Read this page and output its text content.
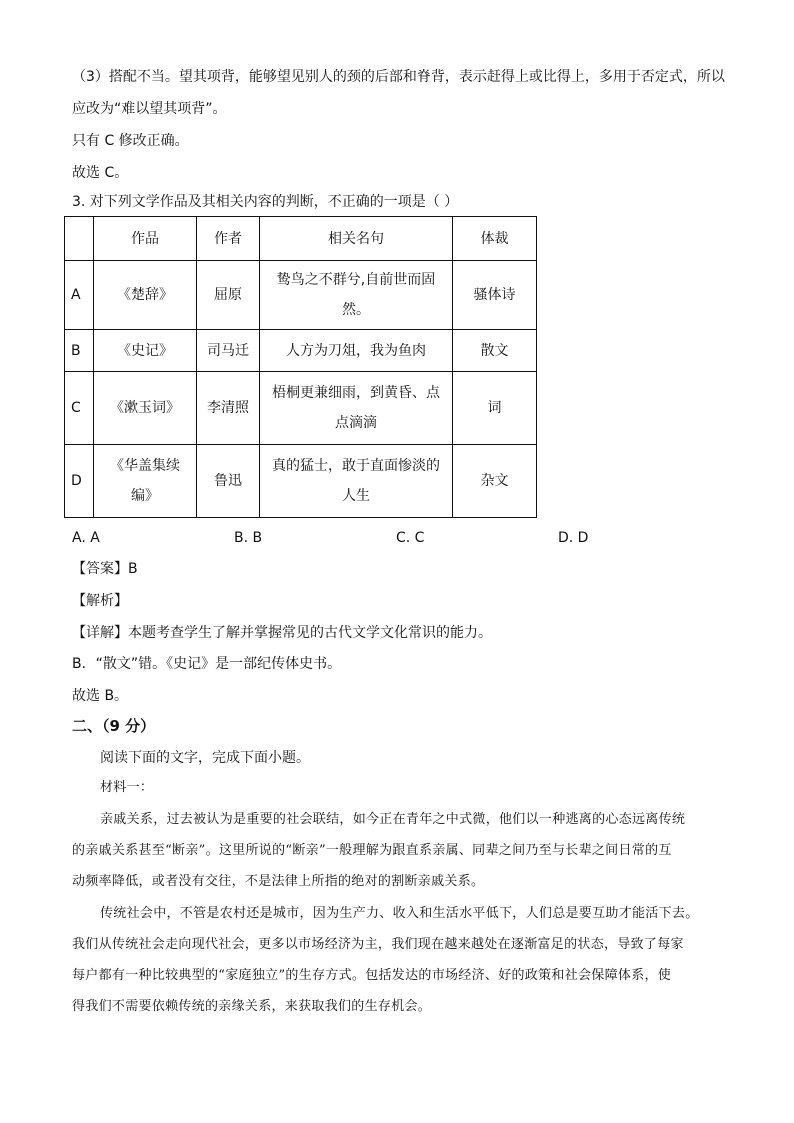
（3）搭配不当。望其项背，能够望见别人的颈的后部和脊背，表示赶得上或比得上，多用于否定式，所以
应改为“难以望其项背”。
只有 C 修改正确。
故选 C。
3. 对下列文学作品及其相关内容的判断，不正确的一项是（ ）
	作品	作者	相关名句	体裁
A	《楚辞》	屈原	鸷鸟之不群兮,自前世而固然。	骚体诗
B	《史记》	司马迁	人方为刀俎，我为鱼肉	散文
C	《漱玉词》	李清照	梧桐更兼细雨，到黄昏、点点滴滴	词
D	《华盖集续编》	鲁迅	真的猛士，敢于直面惨淡的人生	杂文
A. A	B. B	C. C	D. D
【答案】B
【解析】
【详解】本题考查学生了解并掌握常见的古代文学文化常识的能力。
B．“散文”错。《史记》是一部纪传体史书。
故选 B。
二、（9 分）
阅读下面的文字，完成下面小题。
材料一：
亲戚关系，过去被认为是重要的社会联结，如今正在青年之中式微，他们以一种逃离的心态远离传统
的亲戚关系甚至“断亲”。这里所说的“断亲”一般理解为跟直系亲属、同辈之间乃至与长辈之间日常的互
动频率降低，或者没有交往，不是法律上所指的绝对的割断亲戚关系。
传统社会中，不管是农村还是城市，因为生产力、收入和生活水平低下，人们总是要互助才能活下去。
我们从传统社会走向现代社会，更多以市场经济为主，我们现在越来越处在逐渐富足的状态，导致了每家
每户都有一种比较典型的“家庭独立”的生存方式。包括发达的市场经济、好的政策和社会保障体系，使
得我们不需要依赖传统的亲缘关系，来获取我们的生存机会。
